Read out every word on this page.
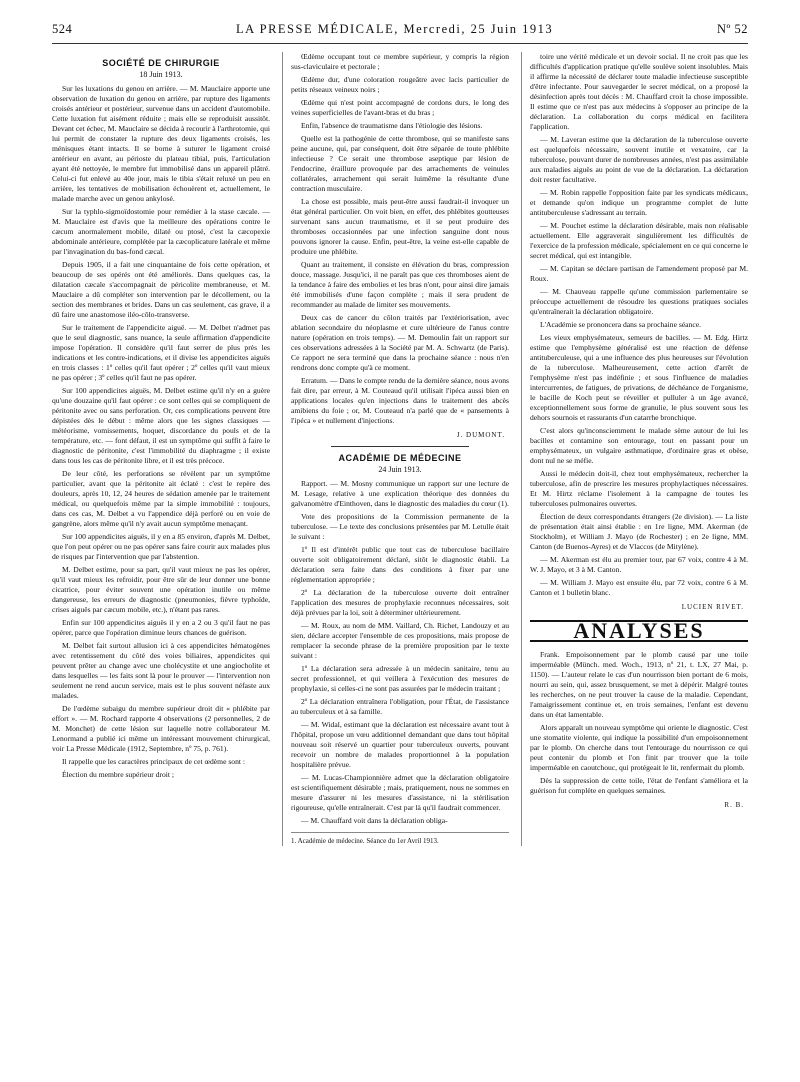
524	LA PRESSE MÉDICALE, Mercredi, 25 Juin 1913	Nº 52
SOCIÉTÉ DE CHIRURGIE
18 Juin 1913.

Sur les luxations du genou en arrière. — M. Mauclaire apporte une observation de luxation du genou en arrière, par rupture des ligaments croisés antérieur et postérieur, survenue dans un accident d'automobile. Cette luxation fut aisément réduite ; mais elle se reproduisit aussitôt. Devant cet échec, M. Mauclaire se décida à recourir à l'arthrotomie, qui lui permit de constater la rupture des deux ligaments croisés, les ménisques étant intacts. Il se borne à suturer le ligament croisé antérieur en avant, au périoste du plateau tibial, puis, l'articulation ayant été nettoyée, le membre fut immobilisé dans un appareil plâtré. Celui-ci fut enlevé au 40e jour, mais le tibia s'était reluxé un peu en arrière, les tentatives de mobilisation échouèrent et, actuellement, le malade marche avec un genou ankylosé.

Sur la typhlo-sigmoïdostomie pour remédier à la stase cæcale. — M. Mauclaire est d'avis que la meilleure des opérations contre le cæcum anormalement mobile, dilaté ou ptosé, c'est la cæcopexie abdominale antérieure, complétée par la cæcoplicature latérale et même par l'invagination du bas-fond cæcal.

Depuis 1905, il a fait une cinquantaine de fois cette opération, et beaucoup de ses opérés ont été améliorés. Dans quelques cas, la dilatation cæcale s'accompagnait de péricolite membraneuse, et M. Mauclaire a dû compléter son intervention par le décollement, ou la section des membranes et brides. Dans un cas seulement, cas grave, il a dû faire une anastomose iléo-côlo-transverse.

Sur le traitement de l'appendicite aiguë. — M. Delbet n'admet pas que le seul diagnostic, sans nuance, la seule affirmation d'appendicite impose l'opération. Il considère qu'il faut serrer de plus près les indications et les contre-indications, et il divise les appendicites aiguës en trois classes : 1º celles qu'il faut opérer ; 2º celles qu'il vaut mieux ne pas opérer ; 3º celles qu'il faut ne pas opérer.

Sur 100 appendicites aiguës, M. Delbet estime qu'il n'y en a guère qu'une douzaine qu'il faut opérer : ce sont celles qui se compliquent de péritonite avec ou sans perforation. Or, ces complications peuvent être dépistées dès le début : même alors que les signes classiques — météorisme, vomissements, hoquet, discordance du pouls et de la température, etc. — font défaut, il est un symptôme qui suffit à faire le diagnostic de péritonite, c'est l'immobilité du diaphragme ; il existe dans tous les cas de péritonite libre, et il est très précoce.

De leur côté, les perforations se révèlent par un symptôme particulier, avant que la péritonite ait éclaté : c'est le repère des douleurs, après 10, 12, 24 heures de sédation amenée par le traitement médical, ou quelquefois même par la simple immobilité : toujours, dans ces cas, M. Delbet a vu l'appendice déjà perforé ou en voie de gangrène, alors même qu'il n'y avait aucun symptôme menaçant.

Sur 100 appendicites aiguës, il y en a 85 environ, d'après M. Delbet, que l'on peut opérer ou ne pas opérer sans faire courir aux malades plus de risques par l'intervention que par l'abstention.

M. Delbet estime, pour sa part, qu'il vaut mieux ne pas les opérer, qu'il vaut mieux les refroidir, pour être sûr de leur donner une bonne cicatrice, pour éviter souvent une opération inutile ou même dangereuse, les erreurs de diagnostic (pneumonies, fièvre typhoïde, crises aiguës par cæcum mobile, etc.), n'étant pas rares.

Enfin sur 100 appendicites aiguës il y en a 2 ou 3 qu'il faut ne pas opérer, parce que l'opération diminue leurs chances de guérison.

M. Delbet fait surtout allusion ici à ces appendicites hématogènes avec retentissement du côté des voies biliaires, appendicites qui peuvent prêter au change avec une cholécystite et une angiocholite et dans lesquelles — les faits sont là pour le prouver — l'intervention non seulement ne rend aucun service, mais est le plus souvent néfaste aux malades.

De l'œdème subaigu du membre supérieur droit dit « phlébite par effort ». — M. Rochard rapporte 4 observations (2 personnelles, 2 de M. Monchet) de cette lésion sur laquelle notre collaborateur M. Lenormand a publié ici même un intéressant mouvement chirurgical, voir La Presse Médicale (1912, Septembre, nº 75, p. 761).

Il rappelle que les caractères principaux de cet œdème sont :

Élection du membre supérieur droit ;

Œdème occupant tout ce membre supérieur, y compris la région sus-claviculaire et pectorale ;

Œdème dur, d'une coloration rougeâtre avec lacis particulier de petits réseaux veineux noirs ;

Œdème qui n'est point accompagné de cordons durs, le long des veines superficielles de l'avant-bras et du bras ;

Enfin, l'absence de traumatisme dans l'étiologie des lésions.

Quelle est la pathogénie de cette thrombose, qui se manifeste sans peine aucune, qui, par conséquent, doit être séparée de toute phlébite infectieuse ? Ce serait une thrombose aseptique par lésion de l'endocrine, éraillure provoquée par des arrachements de veinules collatérales, arrachement qui serait luimême la résultante d'une contraction musculaire.

La chose est possible, mais peut-être aussi faudrait-il invoquer un état général particulier. On voit bien, en effet, des phlébites goutteuses survenant sans aucun traumatisme, et il se peut produire des thromboses occasionnées par une infection sanguine dont nous pouvons ignorer la cause. Enfin, peut-être, la veine est-elle capable de produire une phlébite.

Quant au traitement, il consiste en élévation du bras, compression douce, massage. Jusqu'ici, il ne paraît pas que ces thromboses aient de la tendance à faire des embolies et les bras n'ont, pour ainsi dire jamais été immobilisés d'une façon complète ; mais il sera prudent de recommander au malade de limiter ses mouvements.

Deux cas de cancer du côlon traités par l'extériorisation, avec ablation secondaire du néoplasme et cure ultérieure de l'anus contre nature (opération en trois temps). — M. Demoulin fait un rapport sur ces observations adressées à la Société par M. A. Schwartz (de Paris). Ce rapport ne sera terminé que dans la prochaine séance : nous n'en rendrons donc compte qu'à ce moment.

Erratum. — Dans le compte rendu de la dernière séance, nous avons fait dire, par erreur, à M. Couteaud qu'il utilisait l'ipéca aussi bien en applications locales qu'en injections dans le traitement des abcès amibiens du foie ; or, M. Couteaud n'a parlé que de « pansements à l'ipéca » et nullement d'injections.

J. DUMONT.
ACADÉMIE DE MÉDECINE
24 Juin 1913.

Rapport. — M. Mosny communique un rapport sur une lecture de M. Lesage, relative à une explication théorique des données du galvanomètre d'Einthoven, dans le diagnostic des maladies du cœur (1).

Vote des propositions de la Commission permanente de la tuberculose. — Le texte des conclusions présentées par M. Letulle était le suivant :

1º Il est d'intérêt public que tout cas de tuberculose bacillaire ouverte soit obligatoirement déclaré, sitôt le diagnostic établi. La déclaration sera faite dans des conditions à fixer par une réglementation appropriée ;

2º La déclaration de la tuberculose ouverte doit entraîner l'application des mesures de prophylaxie reconnues nécessaires, soit déjà prévues par la loi, soit à déterminer ultérieurement.

— M. Roux, au nom de MM. Vaillard, Ch. Richet, Landouzy et au sien, déclare accepter l'ensemble de ces propositions, mais propose de remplacer la seconde phrase de la première proposition par le texte suivant :

1º La déclaration sera adressée à un médecin sanitaire, tenu au secret professionnel, et qui veillera à l'exécution des mesures de prophylaxie, si celles-ci ne sont pas assurées par le médecin traitant ;

2º La déclaration entraînera l'obligation, pour l'État, de l'assistance au tuberculeux et à sa famille.

— M. Widal, estimant que la déclaration est nécessaire avant tout à l'hôpital, propose un vœu additionnel demandant que dans tout hôpital nouveau soit réservé un quartier pour tuberculeux ouverts, pouvant recevoir un nombre de malades proportionnel à la population hospitalière prévue.

— M. Lucas-Championnière admet que la déclaration obligatoire est scientifiquement désirable ; mais, pratiquement, nous ne sommes en mesure d'assurer ni les mesures d'assistance, ni la stérilisation rigoureuse, qu'elle entraînerait. C'est par là qu'il faudrait commencer.

— M. Chauffard voit dans la déclaration obliga-

1. Académie de médecine. Séance du 1er Avril 1913.

toire une vérité médicale et un devoir social. Il ne croit pas que les difficultés d'application pratique qu'elle soulève soient insolubles. Mais il affirme la nécessité de déclarer toute maladie infectieuse susceptible d'être infectante. Pour sauvegarder le secret médical, on a proposé la désinfection après tout décès : M. Chauffard croit la chose impossible. Il estime que ce n'est pas aux médecins à s'opposer au principe de la déclaration. La collaboration du corps médical en facilitera l'application.

— M. Laveran estime que la déclaration de la tuberculose ouverte est quelquefois nécessaire, souvent inutile et vexatoire, car la tuberculose, pouvant durer de nombreuses années, n'est pas assimilable aux maladies aiguës au point de vue de la déclaration. La déclaration doit rester facultative.

— M. Robin rappelle l'opposition faite par les syndicats médicaux, et demande qu'on indique un programme complet de lutte antituberculeuse s'adressant au terrain.

— M. Pouchet estime la déclaration désirable, mais non réalisable actuellement. Elle aggraverait singulièrement les difficultés de l'exercice de la profession médicale, spécialement en ce qui concerne le secret médical, qui est intangible.

— M. Capitan se déclare partisan de l'amendement proposé par M. Roux.

— M. Chauveau rappelle qu'une commission parlementaire se préoccupe actuellement de résoudre les questions pratiques sociales qu'entraînerait la déclaration obligatoire.

L'Académie se prononcera dans sa prochaine séance.

Les vieux emphysémateux, semeurs de bacilles. — M. Edg. Hirtz estime que l'emphysème généralisé est une réaction de défense antituberculeuse, qui a une influence des plus heureuses sur l'évolution de la tuberculose. Malheureusement, cette action d'arrêt de l'emphysème n'est pas indéfinie ; et sous l'influence de maladies intercurrentes, de fatigues, de privations, de déchéance de l'organisme, le bacille de Koch peut se réveiller et pulluler à un âge avancé, exceptionnellement sous forme de granulie, le plus souvent sous les dehors sournois et rassurants d'un catarrhe bronchique.

C'est alors qu'inconsciemment le malade sème autour de lui les bacilles et contamine son entourage, tout en passant pour un emphysémateux, un vulgaire asthmatique, d'ordinaire gras et obèse, dont nul ne se méfie.

Aussi le médecin doit-il, chez tout emphysémateux, rechercher la tuberculose, afin de prescrire les mesures prophylactiques nécessaires. Et M. Hirtz réclame l'isolement à la campagne de toutes les tuberculoses pulmonaires ouvertes.

Élection de deux correspondants étrangers (2e division). — La liste de présentation était ainsi établie : en 1re ligne, MM. Akerman (de Stockholm), et William J. Mayo (de Rochester) ; en 2e ligne, MM. Canton (de Buenos-Ayres) et de Vlaccos (de Mitylène).

— M. Akerman est élu au premier tour, par 67 voix, contre 4 à M. W. J. Mayo, et 3 à M. Canton.

— M. William J. Mayo est ensuite élu, par 72 voix, contre 6 à M. Canton et 1 bulletin blanc.

LUCIEN RIVET.
ANALYSES

Frank. Empoisonnement par le plomb causé par une toile imperméable (Münch. med. Woch., 1913, nº 21, t. LX, 27 Mai, p. 1150). — L'auteur relate le cas d'un nourrisson bien portant de 6 mois, nourri au sein, qui, assez brusquement, se met à dépérir. Malgré toutes les recherches, on ne peut trouver la cause de la maladie. Cependant, l'amaigrissement continue et, en trois semaines, l'enfant est devenu dans un état lamentable.

Alors apparaît un nouveau symptôme qui oriente le diagnostic. C'est une stomatite violente, qui indique la possibilité d'un empoisonnement par le plomb. On cherche dans tout l'entourage du nourrisson ce qui peut contenir du plomb et l'on finit par trouver que la toile imperméable en caoutchouc, qui protégeait le lit, renfermait du plomb.

Dès la suppression de cette toile, l'état de l'enfant s'améliora et la guérison fut complète en quelques semaines.

R. B.
